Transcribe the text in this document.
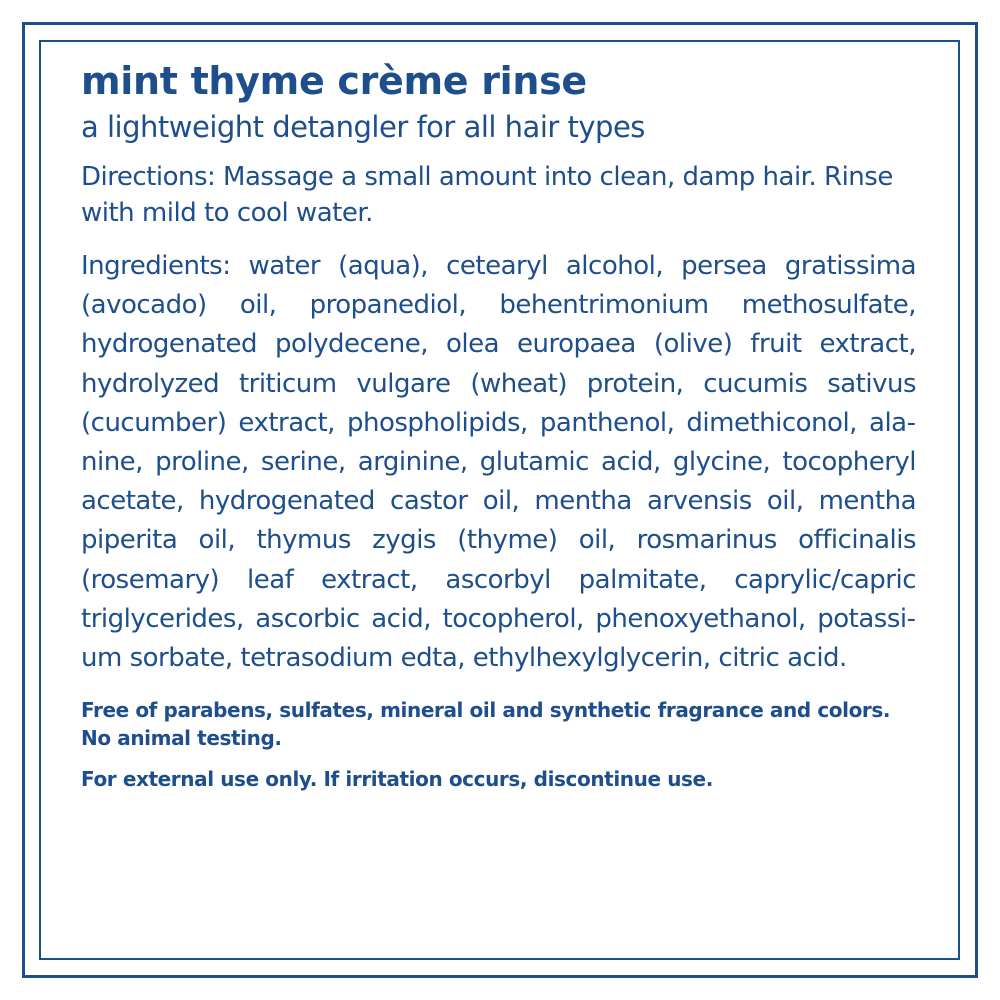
mint thyme crème rinse

a lightweight detangler for all hair types

Directions: Massage a small amount into clean, damp hair. Rinse with mild to cool water.

Ingredients: water (aqua), cetearyl alcohol, persea gratissima (avocado) oil, propanediol, behentrimonium methosulfate, hydrogenated polydecene, olea europaea (olive) fruit extract, hydrolyzed triticum vulgare (wheat) protein, cucumis sativus (cucumber) extract, phospholipids, panthenol, dimethiconol, alanine, proline, serine, arginine, glutamic acid, glycine, tocopheryl acetate, hydrogenated castor oil, mentha arvensis oil, mentha piperita oil, thymus zygis (thyme) oil, rosmarinus officinalis (rosemary) leaf extract, ascorbyl palmitate, caprylic/capric triglycerides, ascorbic acid, tocopherol, phenoxyethanol, potassium sorbate, tetrasodium edta, ethylhexylglycerin, citric acid.

Free of parabens, sulfates, mineral oil and synthetic fragrance and colors. No animal testing.

For external use only. If irritation occurs, discontinue use.
